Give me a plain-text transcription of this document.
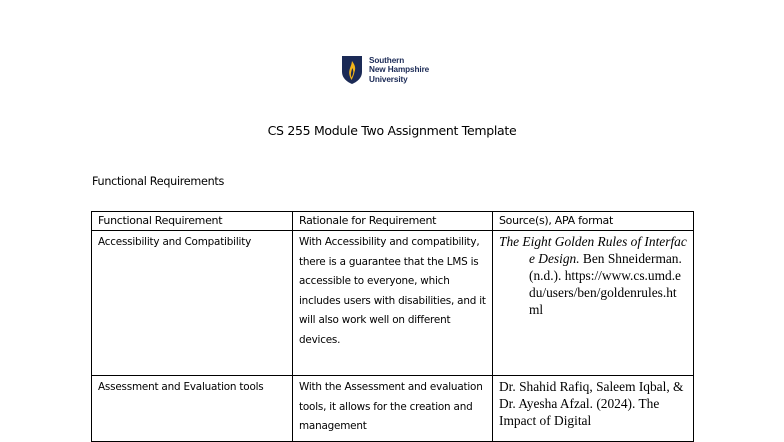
Southern
New Hampshire
University
CS 255 Module Two Assignment Template
Functional Requirements
Functional Requirement	Rationale for Requirement	Source(s), APA format
Accessibility and Compatibility	With Accessibility and compatibility, there is a guarantee that the LMS is accessible to everyone, which includes users with disabilities, and it will also work well on different devices.	The Eight Golden Rules of Interface Design. Ben Shneiderman. (n.d.). https://www.cs.umd.edu/users/ben/goldenrules.html

Assessment and Evaluation tools	With the Assessment and evaluation tools, it allows for the creation and management	Dr. Shahid Rafiq, Saleem Iqbal, & Dr. Ayesha Afzal. (2024). The Impact of Digital
